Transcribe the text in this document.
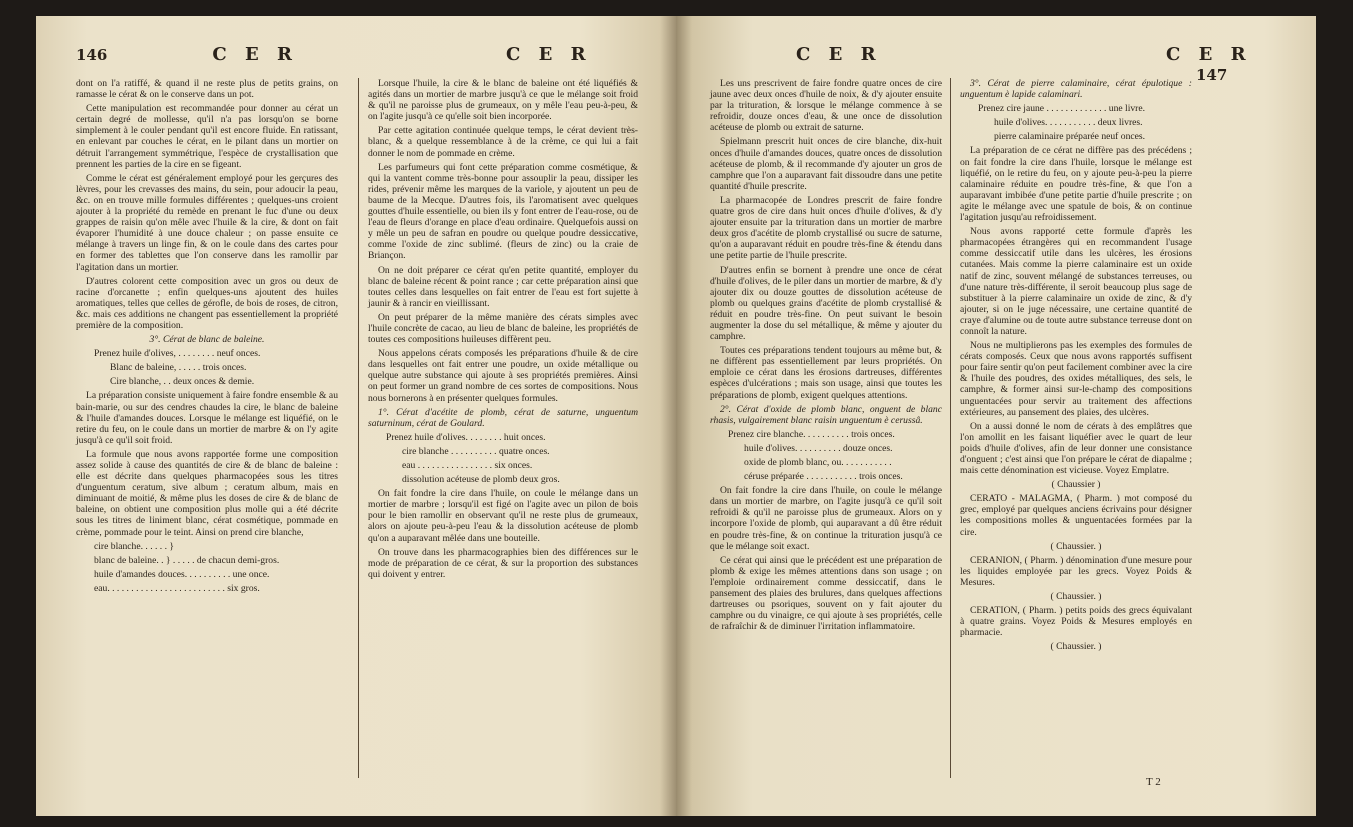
146	C E R	C E R

dont on l'a ratiffé, & quand il ne reste plus de petits grains, on ramasse le cérat & on le conserve dans un pot.

Cette manipulation est recommandée pour donner au cérat un certain degré de mollesse, qu'il n'a pas lorsqu'on se borne simplement à le couler pendant qu'il est encore fluide. En ratissant, en enlevant par couches le cérat, en le pilant dans un mortier on détruit l'arrangement symmétrique, l'espèce de crystallisation que prennent les parties de la cire en se figeant.

Comme le cérat est généralement employé pour les gerçures des lèvres, pour les crevasses des mains, du sein, pour adoucir la peau, &c. on en trouve mille formules différentes ; quelques-uns croient ajouter à la propriété du remède en prenant le fuc d'une ou deux grappes de raisin qu'on mêle avec l'huile & la cire, & dont on fait évaporer l'humidité à une douce chaleur ; on passe ensuite ce mélange à travers un linge fin, & on le coule dans des cartes pour en former des tablettes que l'on conserve dans les ramollir par l'agitation dans un mortier.

D'autres colorent cette composition avec un gros ou deux de racine d'orcanette ; enfin quelques-uns ajoutent des huiles aromatiques, telles que celles de gérofle, de bois de roses, de citron, &c. mais ces additions ne changent pas essentiellement la propriété première de la composition.

3°. Cérat de blanc de baleine.

Prenez huile d'olives, . . . . . . . . neuf onces.

Blanc de baleine, . . . . . trois onces.

Cire blanche, . . deux onces & demie.

La préparation consiste uniquement à faire fondre ensemble & au bain-marie, ou sur des cendres chaudes la cire, le blanc de baleine & l'huile d'amandes douces. Lorsque le mélange est liquéfié, on le retire du feu, on le coule dans un mortier de marbre & on l'y agite jusqu'à ce qu'il soit froid.

La formule que nous avons rapportée forme une composition assez solide à cause des quantités de cire & de blanc de baleine : elle est décrite dans quelques pharmacopées sous les titres d'unguentum ceratum, sive album ; ceratum album, mais en diminuant de moitié, & même plus les doses de cire & de blanc de baleine, on obtient une composition plus molle qui a été décrite sous les titres de liniment blanc, cérat cosmétique, pommade en crème, pommade pour le teint. Ainsi on prend cire blanche,

cire blanche. . . . . . }

blanc de baleine. . } . . . . . de chacun demi-gros.

huile d'amandes douces. . . . . . . . . . une once.

eau. . . . . . . . . . . . . . . . . . . . . . . . . six gros.

Lorsque l'huile, la cire & le blanc de baleine ont été liquéfiés & agités dans un mortier de marbre jusqu'à ce que le mélange soit froid & qu'il ne paroisse plus de grumeaux, on y mêle l'eau peu-à-peu, & on l'agite jusqu'à ce qu'elle soit bien incorporée.

Par cette agitation continuée quelque temps, le cérat devient très-blanc, & a quelque ressemblance à de la crème, ce qui lui a fait donner le nom de pommade en crème.

Les parfumeurs qui font cette préparation comme cosmétique, & qui la vantent comme très-bonne pour assouplir la peau, dissiper les rides, prévenir même les marques de la variole, y ajoutent un peu de baume de la Mecque. D'autres fois, ils l'aromatisent avec quelques gouttes d'huile essentielle, ou bien ils y font entrer de l'eau-rose, ou de l'eau de fleurs d'orange en place d'eau ordinaire. Quelquefois aussi on y mêle un peu de safran en poudre ou quelque poudre dessiccative, comme l'oxide de zinc sublimé. (fleurs de zinc) ou la craie de Briançon.

On ne doit préparer ce cérat qu'en petite quantité, employer du blanc de baleine récent & point rance ; car cette préparation ainsi que toutes celles dans lesquelles on fait entrer de l'eau est fort sujette à jaunir & à rancir en vieillissant.

On peut préparer de la même manière des cérats simples avec l'huile concrète de cacao, au lieu de blanc de baleine, les propriétés de toutes ces compositions huileuses diffèrent peu.

Nous appelons cérats composés les préparations d'huile & de cire dans lesquelles ont fait entrer une poudre, un oxide métallique ou quelque autre substance qui ajoute à ses propriétés premières. Ainsi on peut former un grand nombre de ces sortes de compositions. Nous nous bornerons à en présenter quelques formules.

1°. Cérat d'acétite de plomb, cérat de saturne, unguentum saturninum, cérat de Goulard.

Prenez huile d'olives. . . . . . . . huit onces.

cire blanche . . . . . . . . . . quatre onces.

eau . . . . . . . . . . . . . . . . six onces.

dissolution acéteuse de plomb deux gros.

On fait fondre la cire dans l'huile, on coule le mélange dans un mortier de marbre ; lorsqu'il est figé on l'agite avec un pilon de bois pour le bien ramollir en observant qu'il ne reste plus de grumeaux, alors on ajoute peu-à-peu l'eau & la dissolution acéteuse de plomb qu'on a auparavant mêlée dans une bouteille.

On trouve dans les pharmacographies bien des différences sur le mode de préparation de ce cérat, & sur la proportion des substances qui doivent y entrer.

C E R	C E R 147

Les uns prescrivent de faire fondre quatre onces de cire jaune avec deux onces d'huile de noix, & d'y ajouter ensuite par la trituration, & lorsque le mélange commence à se refroidir, douze onces d'eau, & une once de dissolution acéteuse de plomb ou extrait de saturne.

Spielmann prescrit huit onces de cire blanche, dix-huit onces d'huile d'amandes douces, quatre onces de dissolution acéteuse de plomb, & il recommande d'y ajouter un gros de camphre que l'on a auparavant fait dissoudre dans une petite quantité d'huile prescrite.

La pharmacopée de Londres prescrit de faire fondre quatre gros de cire dans huit onces d'huile d'olives, & d'y ajouter ensuite par la trituration dans un mortier de marbre deux gros d'acétite de plomb crystallisé ou sucre de saturne, qu'on a auparavant réduit en poudre très-fine & étendu dans une petite partie de l'huile prescrite.

D'autres enfin se bornent à prendre une once de cérat d'huile d'olives, de le piler dans un mortier de marbre, & d'y ajouter dix ou douze gouttes de dissolution acéteuse de plomb ou quelques grains d'acétite de plomb crystallisé & réduit en poudre très-fine. On peut suivant le besoin augmenter la dose du sel métallique, & même y ajouter du camphre.

Toutes ces préparations tendent toujours au même but, & ne diffèrent pas essentiellement par leurs propriétés. On emploie ce cérat dans les érosions dartreuses, différentes espèces d'ulcérations ; mais son usage, ainsi que toutes les préparations de plomb, exigent quelques attentions.

2°. Cérat d'oxide de plomb blanc, onguent de blanc rhasis, vulgairement blanc raisin unguentum è cerussâ.

Prenez cire blanche. . . . . . . . . . trois onces.

huile d'olives. . . . . . . . . . douze onces.

oxide de plomb blanc, ou. . . . . . . . . . .

céruse préparée . . . . . . . . . . . trois onces.

On fait fondre la cire dans l'huile, on coule le mélange dans un mortier de marbre, on l'agite jusqu'à ce qu'il soit refroidi & qu'il ne paroisse plus de grumeaux. Alors on y incorpore l'oxide de plomb, qui auparavant a dû être réduit en poudre très-fine, & on continue la trituration jusqu'à ce que le mélange soit exact.

Ce cérat qui ainsi que le précédent est une préparation de plomb & exige les mêmes attentions dans son usage ; on l'emploie ordinairement comme dessiccatif, dans le pansement des plaies des brulures, dans quelques affections dartreuses ou psoriques, souvent on y fait ajouter du camphre ou du vinaigre, ce qui ajoute à ses propriétés, celle de rafraîchir & de diminuer l'irritation inflammatoire.

3°. Cérat de pierre calaminaire, cérat épulotique : unguentum è lapide calaminari.

Prenez cire jaune . . . . . . . . . . . . . une livre.

huile d'olives. . . . . . . . . . . deux livres.

pierre calaminaire préparée neuf onces.

La préparation de ce cérat ne diffère pas des précédens ; on fait fondre la cire dans l'huile, lorsque le mélange est liquéfié, on le retire du feu, on y ajoute peu-à-peu la pierre calaminaire réduite en poudre très-fine, & que l'on a auparavant imbibée d'une petite partie d'huile prescrite ; on agite le mélange avec une spatule de bois, & on continue l'agitation jusqu'au refroidissement.

Nous avons rapporté cette formule d'après les pharmacopées étrangères qui en recommandent l'usage comme dessiccatif utile dans les ulcères, les érosions cutanées. Mais comme la pierre calaminaire est un oxide natif de zinc, souvent mélangé de substances terreuses, ou d'une nature très-différente, il seroit beaucoup plus sage de substituer à la pierre calaminaire un oxide de zinc, & d'y ajouter, si on le juge nécessaire, une certaine quantité de craye d'alumine ou de toute autre substance terreuse dont on connoît la nature.

Nous ne multiplierons pas les exemples des formules de cérats composés. Ceux que nous avons rapportés suffisent pour faire sentir qu'on peut facilement combiner avec la cire & l'huile des poudres, des oxides métalliques, des sels, le camphre, & former ainsi sur-le-champ des compositions unguentacées pour servir au traitement des affections extérieures, au pansement des plaies, des ulcères.

On a aussi donné le nom de cérats à des emplâtres que l'on amollit en les faisant liquéfier avec le quart de leur poids d'huile d'olives, afin de leur donner une consistance d'onguent ; c'est ainsi que l'on prépare le cérat de diapalme ; mais cette dénomination est vicieuse. Voyez Emplatre.

( Chaussier )

CERATO - MALAGMA, ( Pharm. ) mot composé du grec, employé par quelques anciens écrivains pour désigner les compositions molles & unguentacées formées par la cire.

( Chaussier. )

CERANION, ( Pharm. ) dénomination d'une mesure pour les liquides employée par les grecs. Voyez Poids & Mesures.

( Chaussier. )

CERATION, ( Pharm. ) petits poids des grecs équivalant à quatre grains. Voyez Poids & Mesures employés en pharmacie.

( Chaussier. )

T 2
